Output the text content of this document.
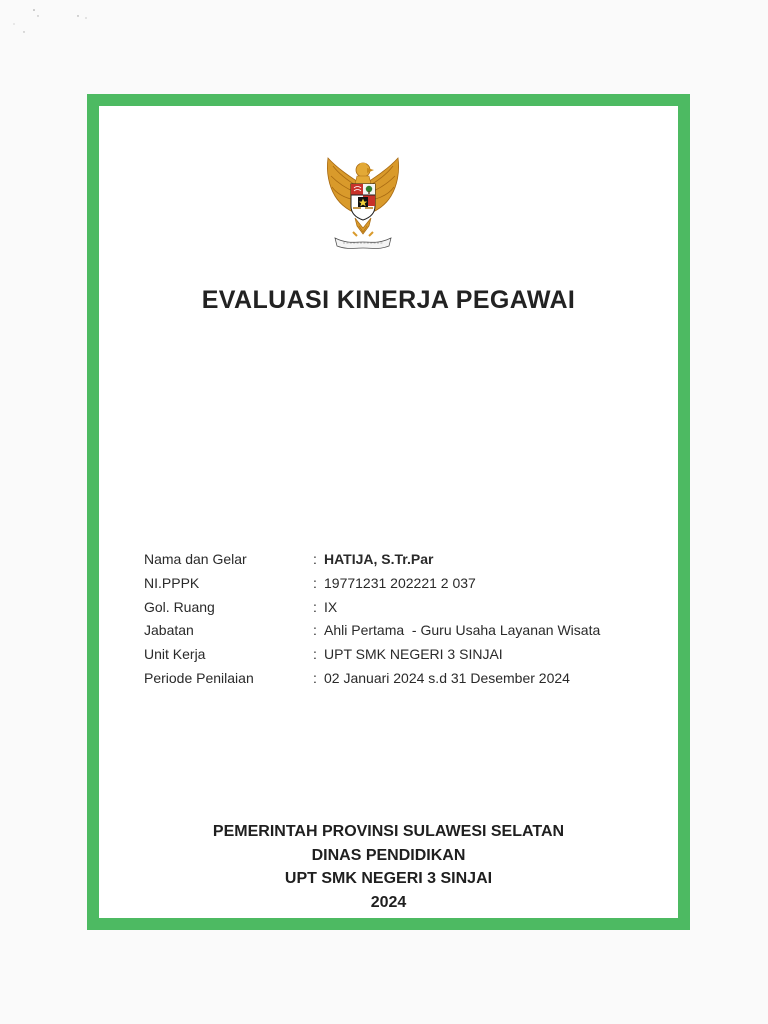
EVALUASI KINERJA PEGAWAI
Nama dan Gelar	: HATIJA, S.Tr.Par
NI.PPPK	: 19771231 202221 2 037
Gol. Ruang	: IX
Jabatan	: Ahli Pertama  - Guru Usaha Layanan Wisata
Unit Kerja	: UPT SMK NEGERI 3 SINJAI
Periode Penilaian	: 02 Januari 2024 s.d 31 Desember 2024
PEMERINTAH PROVINSI SULAWESI SELATAN
DINAS PENDIDIKAN
UPT SMK NEGERI 3 SINJAI
2024
